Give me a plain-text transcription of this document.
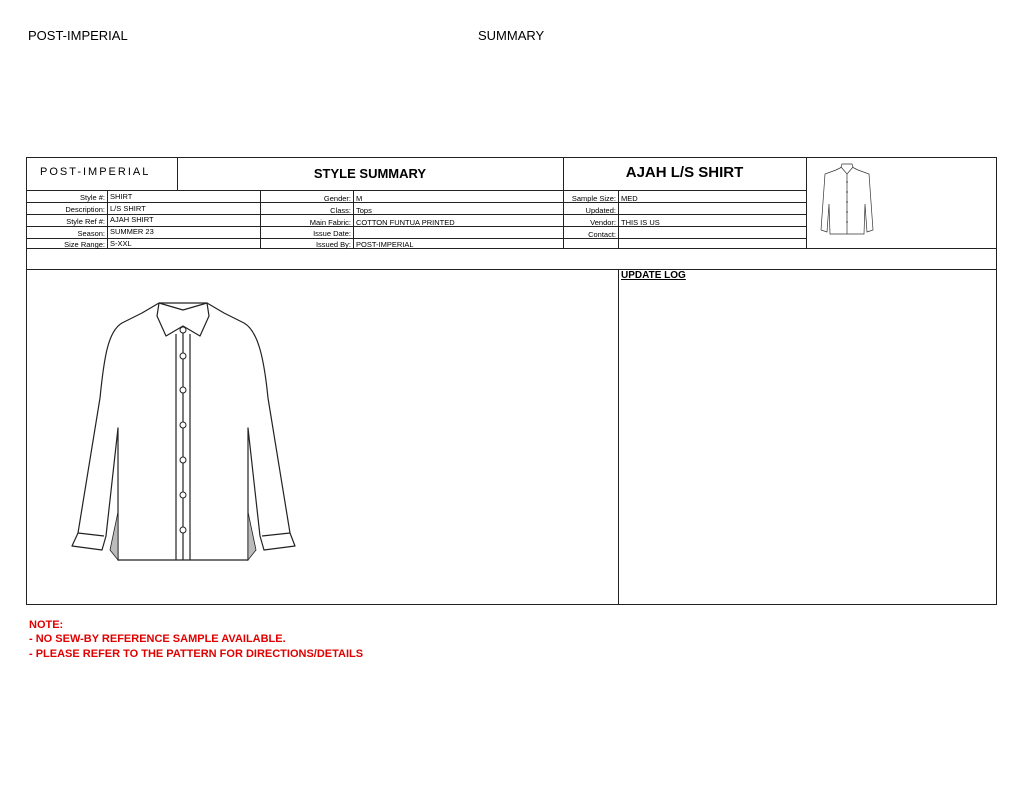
POST-IMPERIAL	SUMMARY
POST-IMPERIAL	STYLE SUMMARY	AJAH L/S SHIRT
Style #: SHIRT
Description: L/S SHIRT
Style Ref #: AJAH SHIRT
Season: SUMMER 23
Size Range: S-XXL
Gender: M
Class: Tops
Main Fabric: COTTON FUNTUA PRINTED
Issue Date:
Issued By: POST-IMPERIAL
Sample Size: MED
Updated:
Vendor: THIS IS US
Contact:
UPDATE LOG
NOTE:
- NO SEW-BY REFERENCE SAMPLE AVAILABLE.
- PLEASE REFER TO THE PATTERN FOR DIRECTIONS/DETAILS
